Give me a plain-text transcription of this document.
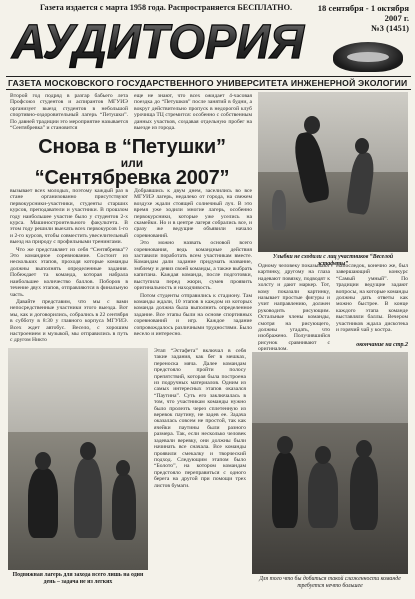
Газета издается с марта 1958 года. Распространяется БЕСПЛАТНО.	18 сентября - 1 октября
2007 г.
№3 (1451)
АУДИТОРИЯ
ГАЗЕТА МОСКОВСКОГО ГОСУДАРСТВЕННОГО УНИВЕРСИТЕТА ИНЖЕНЕРНОЙ ЭКОЛОГИИ

Второй год подряд в разгар бабьего лета Профсоюз студентов и аспирантов МГУИЭ организует выезд студентов в небольшой спортивно-оздоровительный лагерь “Петушки”. По давней традиции это мероприятие называется “Сентябревка” и становится

еще не знают, что всех ожидает 4-часовая поездка до “Петушков” после занятий в будни, а вокруг действительно пропуск в недорогой клуб урочища ТЦ стремится: особенно с собственным данных участков, создавая отдельную пробег на выезде из города.

Снова в “Петушки”
или
“Сентябревка 2007”
Улыбки не сходили с лиц участников “Веселой эстафеты”

вызывает всех молодых, поэтому каждый раз в стане организованно присутствуют первокурсники-участники, студенты старших курсов, преподаватели и участники. В прошлом году наибольшее участие было у студентов 2-х курса. Машиностроительного факультета. В этом году решили выехать всех первокурсов 1-го и 2-го курсов, чтобы совместить увеселительный выезд на природу с профильными тренингами.

Что же представляет из себя “Сентябревка”? Это командное соревнование. Состоит из нескольких этапов, проходя которые команды должны выполнять определенные задания. Побеждает та команда, которая набрала наибольшее количество баллов. Поборов в течение двух этапов, отправляются в финальную часть.

Давайте представим, что мы с вами непосредственные участники этого выезда. Вот мы, как и договорились, собрались в 22 сентября в субботу в 8:30 у главного корпуса МГУИЭ. Всех ждет автобус. Весело, с хорошим настроением и музыкой, мы отправились в путь с другом Никто

Добравшись к двум днем, заселились во все МГУИЭ лагерь, недалеко от города, на свежем воздухе ждали стоящей солнечный луч. В это время уже ходили многие лагерь, особенно первокурсники, которые уже уселись на скамейки. Но и в центре лагеря собрались все, и сразу же ведущие объявили начало соревнований.

Это можно назвать основой всего соревнования, ведь командные действия заставили поработать всем участникам вместе. Командам дали задание придумать название, эмблему и девиз своей команды, а также выбрать капитана. Каждая команда, после подготовки, выступила перед жюри, сумев проявить оригинальность и находчивость.

Потом студенты отправились к стадиону. Там команды ждали, 10 этапов в каждом из которых команда должна была выполнить определенное задание. Все этапы были на основе спортивных соревнований и игр. Каждое задание сопровождалось различными трудностями. Было весело и интересно.

Одному человеку показывают картинку, другому на глаза надевают повязку, подводят к холсту и дают маркер. Тот, кому показали картинку, называет простые фигуры и учит направлению, должен руководить рисующим. Остальные члены команды, смотря на рисующего, должны угадать, что изображено. Получившийся рисунок сравнивают с оригиналом.

Напоследок, конечно же, был завершающий конкурс “Самый умный”. По традиции ведущие задают вопросы, на которые команды должны дать ответы как можно быстрее. В конце каждого этапа команде выставляли баллы. Вечером участников ждала дискотека и горячий чай у костра.

окончание на стр.2
Подвижная лагерь для захода всего лишь на один день – задача не из легких

Этап “Эстафета” включал в себя такие задания, как бег в мешках, переноска мяча. Далее командам предстояло пройти полосу препятствий, которая была построена из подручных материалов. Одним из самых интересных этапов оказался “Паутина”. Суть его заключалась в том, что участникам команды нужно было пролезть через сплетенную из веревок паутину, не задев ее. Задача оказалась совсем не простой, так как ячейки паутины были разного размера. Так, если несколько человек задевали веревку, они должны были начинать все сначала. Все команды проявили смекалку и творческий подход. Следующим этапом было “Болото”, на котором командам предстояло переправиться с одного берега на другой при помощи трех листов бумаги.

Для того что бы добиться такой слаженности команде требуется нечто большее
